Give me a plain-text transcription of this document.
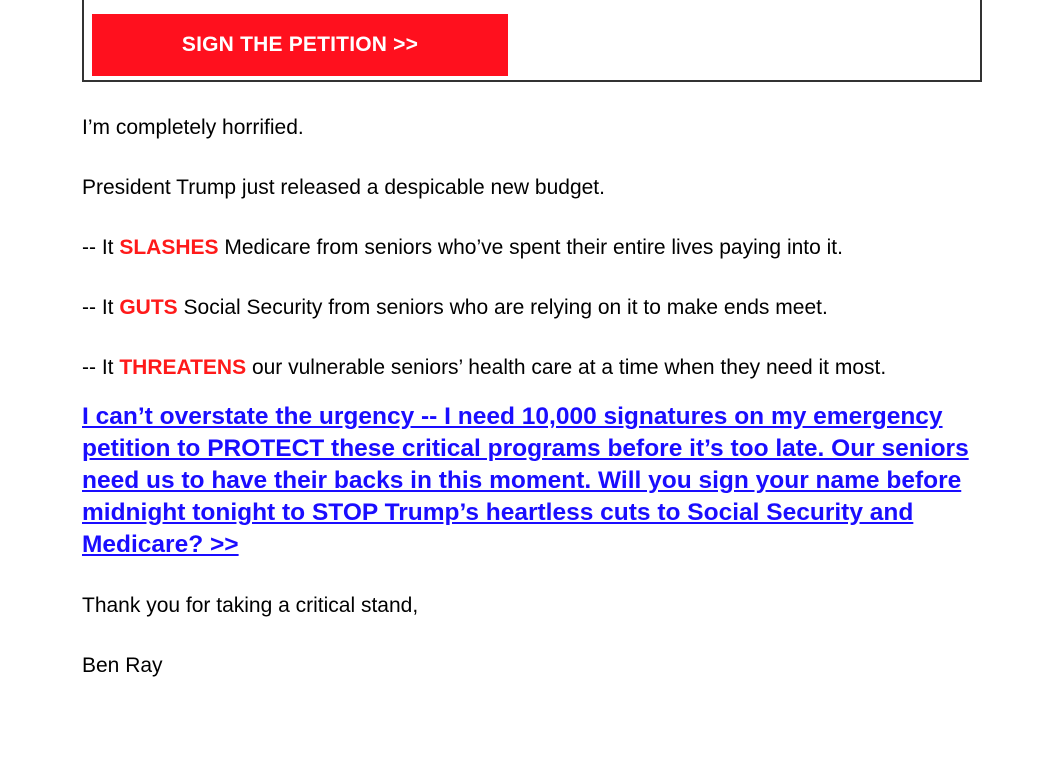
SIGN THE PETITION >>

I’m completely horrified.

President Trump just released a despicable new budget.

-- It SLASHES Medicare from seniors who’ve spent their entire lives paying into it.

-- It GUTS Social Security from seniors who are relying on it to make ends meet.

-- It THREATENS our vulnerable seniors’ health care at a time when they need it most.

I can’t overstate the urgency -- I need 10,000 signatures on my emergency petition to PROTECT these critical programs before it’s too late. Our seniors need us to have their backs in this moment. Will you sign your name before midnight tonight to STOP Trump’s heartless cuts to Social Security and Medicare? >>

Thank you for taking a critical stand,

Ben Ray
